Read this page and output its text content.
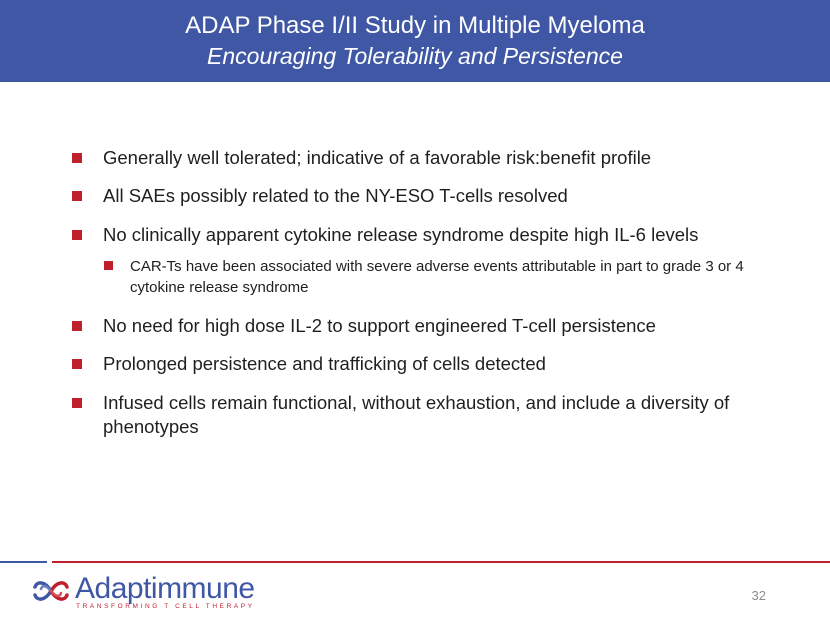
ADAP Phase I/II Study in Multiple Myeloma
Encouraging Tolerability and Persistence
Generally well tolerated; indicative of a favorable risk:benefit profile
All SAEs possibly related to the NY-ESO T-cells resolved
No clinically apparent cytokine release syndrome despite high IL-6 levels
CAR-Ts have been associated with severe adverse events attributable in part to grade 3 or 4 cytokine release syndrome
No need for high dose IL-2 to support engineered T-cell persistence
Prolonged persistence and trafficking of cells detected
Infused cells remain functional, without exhaustion, and include a diversity of phenotypes
Adaptimmune
TRANSFORMING T CELL THERAPY
32
